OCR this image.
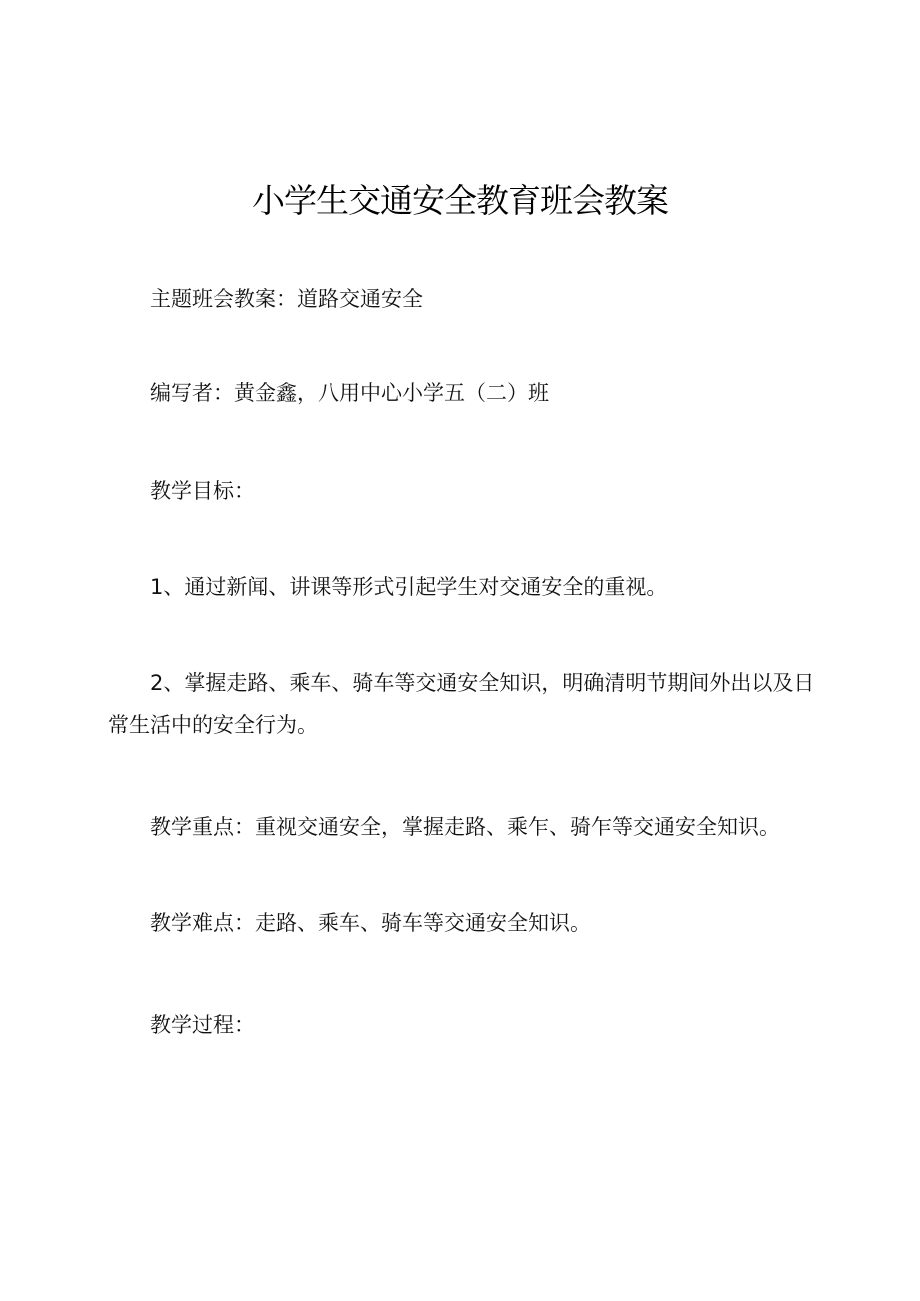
小学生交通安全教育班会教案

主题班会教案：道路交通安全

编写者：黄金鑫，八用中心小学五（二）班

教学目标：

1、通过新闻、讲课等形式引起学生对交通安全的重视。

2、掌握走路、乘车、骑车等交通安全知识，明确清明节期间外出以及日常生活中的安全行为。

教学重点：重视交通安全，掌握走路、乘乍、骑乍等交通安全知识。

教学难点：走路、乘车、骑车等交通安全知识。

教学过程：
